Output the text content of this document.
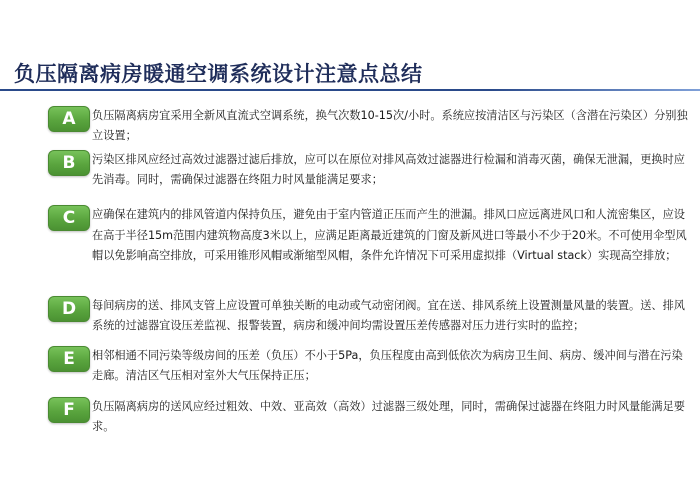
负压隔离病房暖通空调系统设计注意点总结
A	负压隔离病房宜采用全新风直流式空调系统，换气次数10-15次/小时。系统应按清洁区与污染区（含潜在污染区）分别独立设置；
B	污染区排风应经过高效过滤器过滤后排放，应可以在原位对排风高效过滤器进行检漏和消毒灭菌，确保无泄漏，更换时应先消毒。同时，需确保过滤器在终阻力时风量能满足要求；
C	应确保在建筑内的排风管道内保持负压，避免由于室内管道正压而产生的泄漏。排风口应远离进风口和人流密集区，应设在高于半径15m范围内建筑物高度3米以上，应满足距离最近建筑的门窗及新风进口等最小不少于20米。不可使用伞型风帽以免影响高空排放，可采用锥形风帽或渐缩型风帽，条件允许情况下可采用虚拟排（Virtual stack）实现高空排放；
D	每间病房的送、排风支管上应设置可单独关断的电动或气动密闭阀。宜在送、排风系统上设置测量风量的装置。送、排风系统的过滤器宜设压差监视、报警装置，病房和缓冲间均需设置压差传感器对压力进行实时的监控；
E	相邻相通不同污染等级房间的压差（负压）不小于5Pa，负压程度由高到低依次为病房卫生间、病房、缓冲间与潜在污染走廊。清洁区气压相对室外大气压保持正压；
F	负压隔离病房的送风应经过粗效、中效、亚高效（高效）过滤器三级处理，同时，需确保过滤器在终阻力时风量能满足要求。
